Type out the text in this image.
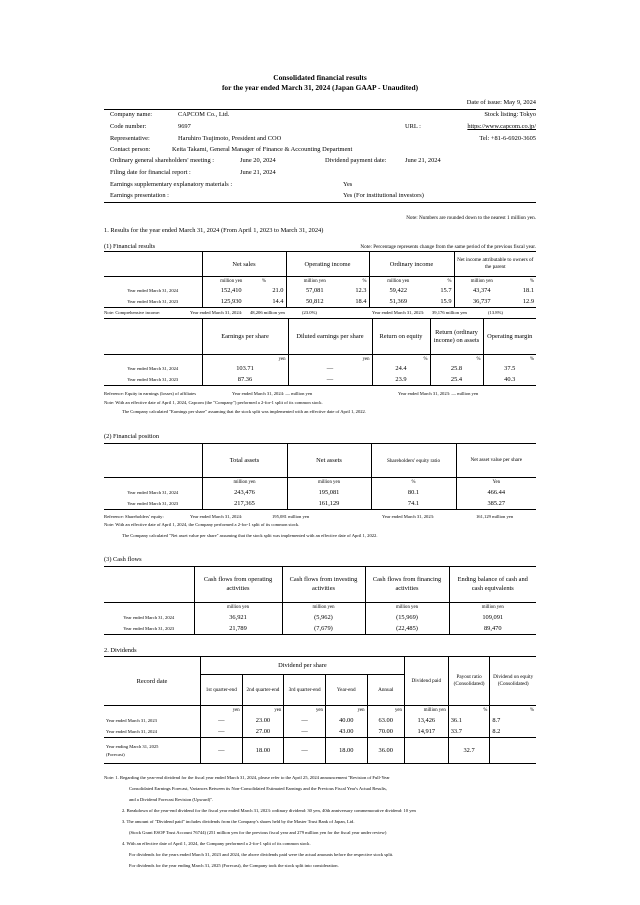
Consolidated financial results
for the year ended March 31, 2024 (Japan GAAP - Unaudited)
Date of issue: May 9, 2024
Company name:	CAPCOM Co., Ltd.	Stock listing: Tokyo
Code number:	9697	URL :	https://www.capcom.co.jp/
Representative:	Haruhiro Tsujimoto, President and COO	Tel: +81-6-6920-3605
Contact person:	Keita Takami, General Manager of Finance & Accounting Department
Ordinary general shareholders' meeting :	June 20, 2024	Dividend payment date:	June 21, 2024
Filing date for financial report :	June 21, 2024
Earnings supplementary explanatory materials :	Yes
Earnings presentation :	Yes (For institutional investors)
Note: Numbers are rounded down to the nearest 1 million yen.
1. Results for the year ended March 31, 2024 (From April 1, 2023 to March 31, 2024)
(1) Financial results	Note: Percentage represents change from the same period of the previous fiscal year.
	Net sales		Operating income		Ordinary income		Net income attributable to owners of the parent	
	million yen	%	million yen	%	million yen	%	million yen	%
Year ended March 31, 2024	152,410	21.0	57,081	12.3	59,422	15.7	43,374	18.1
Year ended March 31, 2023	125,930	14.4	50,812	18.4	51,369	15.9	36,737	12.9
Note: Comprehensive income:	Year ended March 31, 2024: 48,206 million yen	(23.0%)	Year ended March 31, 2023: 39,176 million yen	(13.8%)
	Earnings per share	Diluted earnings per share	Return on equity	Return (ordinary income) on assets	Operating margin
	yen	yen	%	%	%
Year ended March 31, 2024	103.71	—	24.4	25.8	37.5
Year ended March 31, 2023	87.36	—	23.9	25.4	40.3
Reference: Equity in earnings (losses) of affiliates	Year ended March 31, 2024: — million yen	Year ended March 31, 2023: — million yen
Note: With an effective date of April 1, 2024, Capcom (the "Company") performed a 2-for-1 split of its common stock.
The Company calculated "Earnings per share" assuming that the stock split was implemented with an effective date of April 1, 2022.
(2) Financial position
	Total assets	Net assets	Shareholders' equity ratio	Net asset value per share
	million yen	million yen	%	Yen
Year ended March 31, 2024	243,476	195,081	80.1	466.44
Year ended March 31, 2023	217,365	161,129	74.1	385.27
Reference: Shareholders' equity:	Year ended March 31, 2024:	195,081 million yen	Year ended March 31, 2023:	161,129 million yen
Note: With an effective date of April 1, 2024, the Company performed a 2-for-1 split of its common stock.
The Company calculated "Net asset value per share" assuming that the stock split was implemented with an effective date of April 1, 2022.
(3) Cash flows
	Cash flows from operating activities	Cash flows from investing activities	Cash flows from financing activities	Ending balance of cash and cash equivalents
	million yen	million yen	million yen	million yen
Year ended March 31, 2024	36,921	(5,962)	(15,969)	109,091
Year ended March 31, 2023	21,789	(7,679)	(22,485)	89,470
2. Dividends
Record date	Dividend per share					Dividend paid	Payout ratio (Consolidated)	Dividend on equity (Consolidated)
	1st quarter-end	2nd quarter-end	3rd quarter-end	Year-end	Annual			
	yen	yen	yen	yen	yen	million yen	%	%
Year ended March 31, 2023	—	23.00	—	40.00	63.00	13,426	36.1	8.7
Year ended March 31, 2024	—	27.00	—	43.00	70.00	14,917	33.7	8.2
Year ending March 31, 2025
(Forecast)	—	18.00	—	18.00	36.00		32.7	
Note: 1. Regarding the year-end dividend for the fiscal year ended March 31, 2024, please refer to the April 25, 2024 announcement "Revision of Full-Year
Consolidated Earnings Forecast, Variances Between its Non-Consolidated Estimated Earnings and the Previous Fiscal Year's Actual Results,
and a Dividend Forecast Revision (Upward)".
2. Breakdown of the year-end dividend for the fiscal year ended March 31, 2023: ordinary dividend: 30 yen, 40th anniversary commemorative dividend: 10 yen
3. The amount of "Dividend paid" includes dividends from the Company's shares held by the Master Trust Bank of Japan, Ltd.
(Stock Grant ESOP Trust Account 76744) (251 million yen for the previous fiscal year and 279 million yen for the fiscal year under review)
4. With an effective date of April 1, 2024, the Company performed a 2-for-1 split of its common stock.
For dividends for the years ended March 31, 2023 and 2024, the above dividends paid were the actual amounts before the respective stock split.
For dividends for the year ending March 31, 2025 (Forecast), the Company took the stock split into consideration.
